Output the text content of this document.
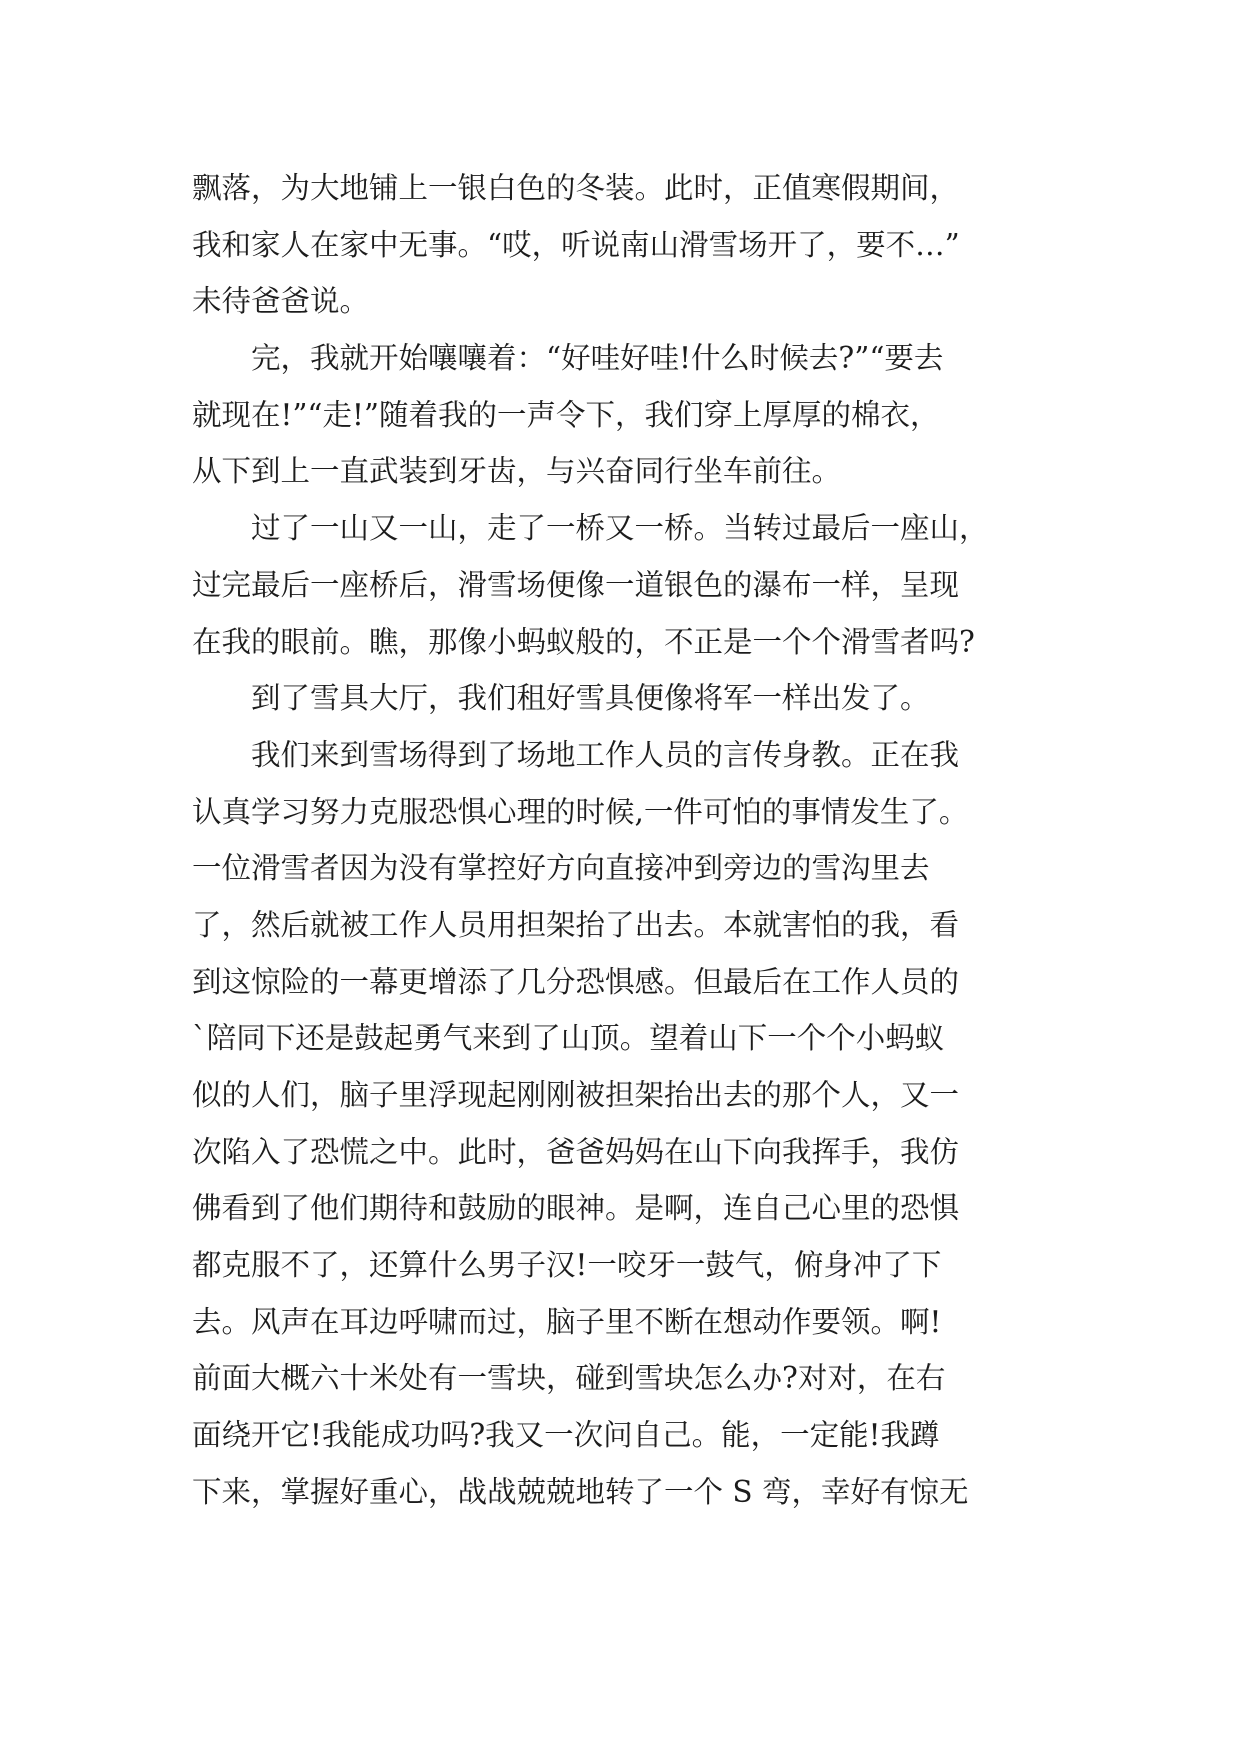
飘落，为大地铺上一银白色的冬装。此时，正值寒假期间，
我和家人在家中无事。“哎，听说南山滑雪场开了，要不…”
未待爸爸说。
　　完，我就开始嚷嚷着：“好哇好哇!什么时候去?”“要去
就现在!”“走!”随着我的一声令下，我们穿上厚厚的棉衣，
从下到上一直武装到牙齿，与兴奋同行坐车前往。
　　过了一山又一山，走了一桥又一桥。当转过最后一座山，
过完最后一座桥后，滑雪场便像一道银色的瀑布一样，呈现
在我的眼前。瞧，那像小蚂蚁般的，不正是一个个滑雪者吗?
　　到了雪具大厅，我们租好雪具便像将军一样出发了。
　　我们来到雪场得到了场地工作人员的言传身教。正在我
认真学习努力克服恐惧心理的时候,一件可怕的事情发生了。
一位滑雪者因为没有掌控好方向直接冲到旁边的雪沟里去
了，然后就被工作人员用担架抬了出去。本就害怕的我，看
到这惊险的一幕更增添了几分恐惧感。但最后在工作人员的
`陪同下还是鼓起勇气来到了山顶。望着山下一个个小蚂蚁
似的人们，脑子里浮现起刚刚被担架抬出去的那个人，又一
次陷入了恐慌之中。此时，爸爸妈妈在山下向我挥手，我仿
佛看到了他们期待和鼓励的眼神。是啊，连自己心里的恐惧
都克服不了，还算什么男子汉!一咬牙一鼓气，俯身冲了下
去。风声在耳边呼啸而过，脑子里不断在想动作要领。啊!
前面大概六十米处有一雪块，碰到雪块怎么办?对对，在右
面绕开它!我能成功吗?我又一次问自己。能，一定能!我蹲
下来，掌握好重心，战战兢兢地转了一个 S 弯，幸好有惊无
